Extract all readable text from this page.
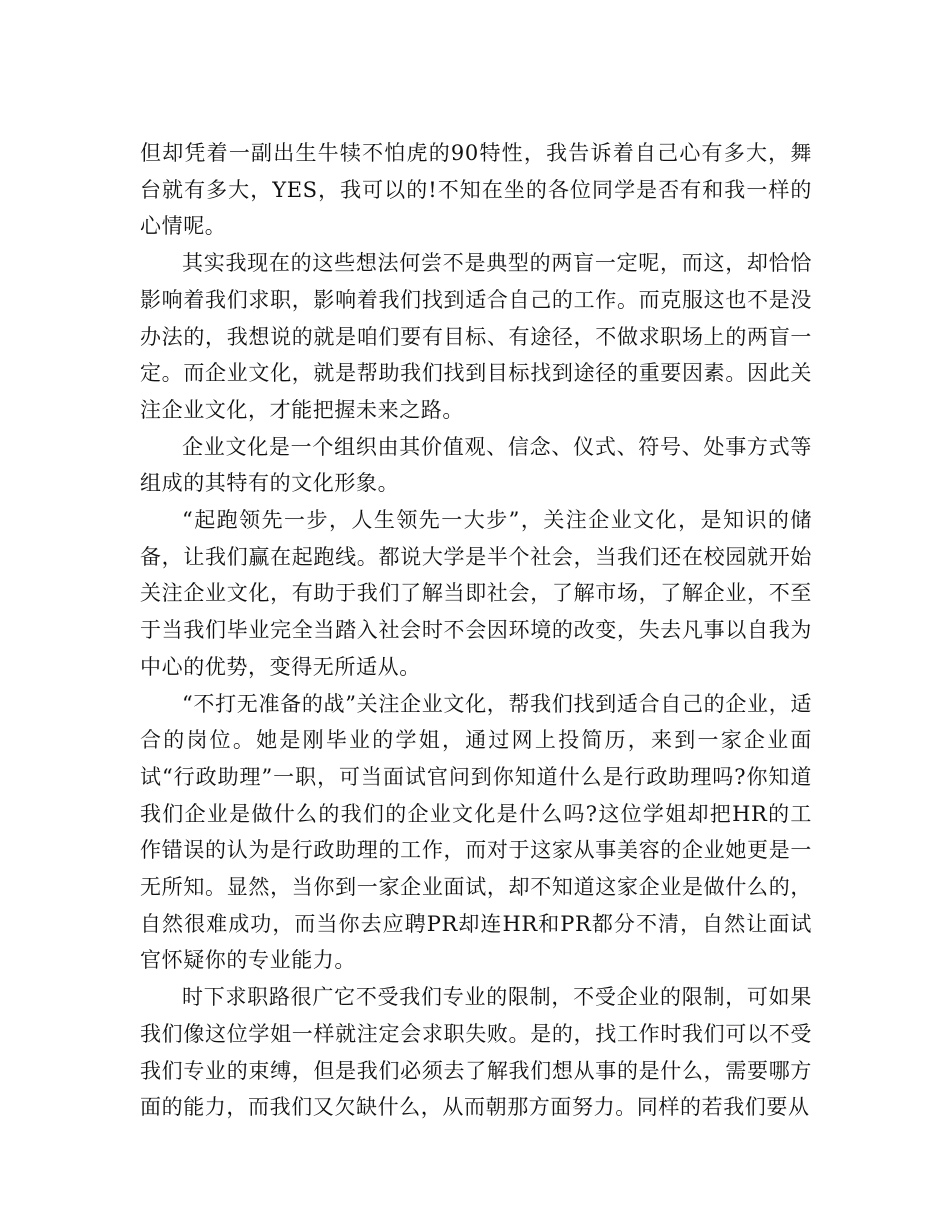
但却凭着一副出生牛犊不怕虎的90特性，我告诉着自己心有多大，舞台就有多大，YES，我可以的!不知在坐的各位同学是否有和我一样的心情呢。

其实我现在的这些想法何尝不是典型的两盲一定呢，而这，却恰恰影响着我们求职，影响着我们找到适合自己的工作。而克服这也不是没办法的，我想说的就是咱们要有目标、有途径，不做求职场上的两盲一定。而企业文化，就是帮助我们找到目标找到途径的重要因素。因此关注企业文化，才能把握未来之路。

企业文化是一个组织由其价值观、信念、仪式、符号、处事方式等组成的其特有的文化形象。

“起跑领先一步，人生领先一大步”，关注企业文化，是知识的储备，让我们赢在起跑线。都说大学是半个社会，当我们还在校园就开始关注企业文化，有助于我们了解当即社会，了解市场，了解企业，不至于当我们毕业完全当踏入社会时不会因环境的改变，失去凡事以自我为中心的优势，变得无所适从。

“不打无准备的战”关注企业文化，帮我们找到适合自己的企业，适合的岗位。她是刚毕业的学姐，通过网上投简历，来到一家企业面试“行政助理”一职，可当面试官问到你知道什么是行政助理吗?你知道我们企业是做什么的我们的企业文化是什么吗?这位学姐却把HR的工作错误的认为是行政助理的工作，而对于这家从事美容的企业她更是一无所知。显然，当你到一家企业面试，却不知道这家企业是做什么的，自然很难成功，而当你去应聘PR却连HR和PR都分不清，自然让面试官怀疑你的专业能力。

时下求职路很广它不受我们专业的限制，不受企业的限制，可如果我们像这位学姐一样就注定会求职失败。是的，找工作时我们可以不受我们专业的束缚，但是我们必须去了解我们想从事的是什么，需要哪方面的能力，而我们又欠缺什么，从而朝那方面努力。同样的若我们要从
